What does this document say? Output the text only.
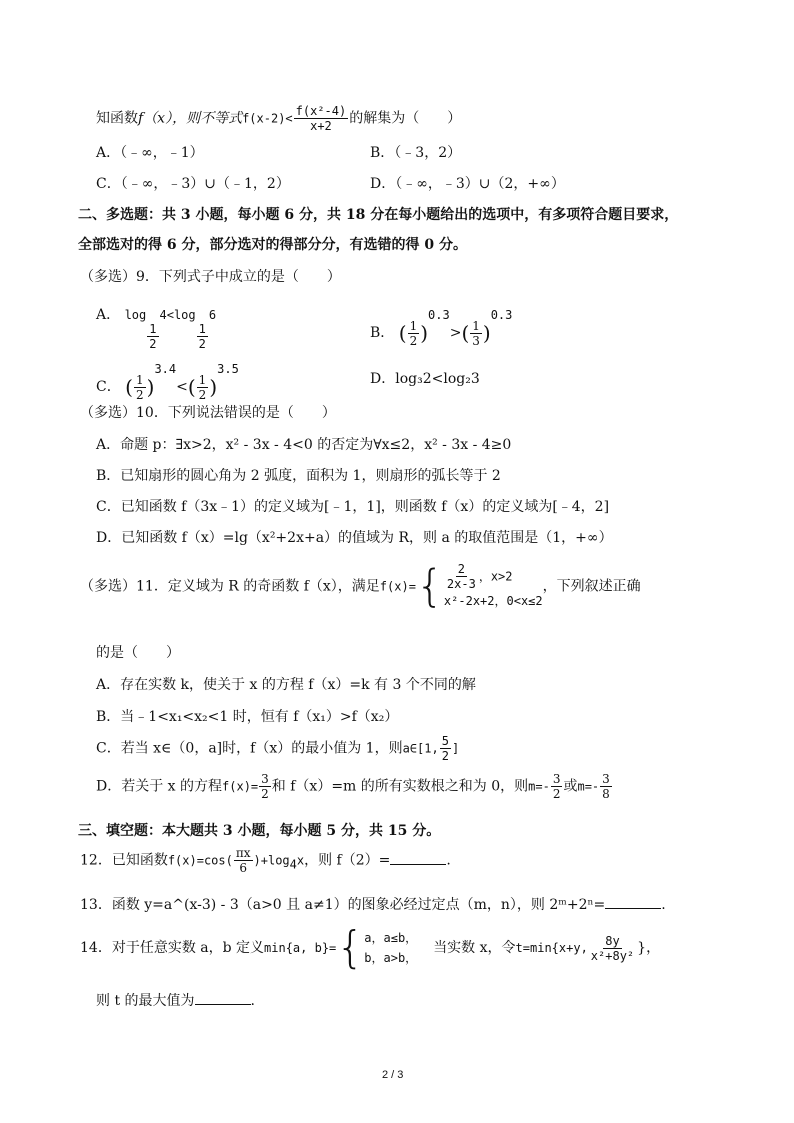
知函数f（x），则不等式$f(x-2)< \frac{\text{f(x²-4)}}{x+2}$ 的解集为（　　）
A．（﹣∞，﹣1）	B．（﹣3，2）
C．（﹣∞，﹣3）∪（﹣1，2）	D．（﹣∞，﹣3）∪（2，+∞）
二、多选题：共 3 小题，每小题 6 分，共 18 分在每小题给出的选项中，有多项符合题目要求，
全部选对的得 6 分，部分选对的得部分分，有选错的得 0 分。
（多选）9．下列式子中成立的是（　　）
A． log
$\frac{1}{2}$
4<log
$\frac{1}{2}$
6
B． ( $\frac{1}{2} )^{0.3}>( \frac{1}{3} )^{0.3}$
C． ( $\frac{1}{2} )^{3.4}<( \frac{1}{2} )^{3.5}$
D．log₃2<log₂3
（多选）10．下列说法错误的是（　　）
A．命题 p：∃x>2，x² - 3x - 4<0 的否定为∀x≤2，x² - 3x - 4≥0
B．已知扇形的圆心角为 2 弧度，面积为 1，则扇形的弧长等于 2
C．已知函数 f（3x﹣1）的定义域为[﹣1，1]，则函数 f（x）的定义域为[﹣4，2]
D．已知函数 f（x）=lg（x²+2x+a）的值域为 R，则 a 的取值范围是（1，+∞）
（多选）11．定义域为 R 的奇函数 f（x），满足$f(x)=\{ \frac{2}{2x-3}$ ，x>2
x²-2x+2，0<x≤2
，下列叙述正确
的是（　　）
A．存在实数 k，使关于 x 的方程 f（x）=k 有 3 个不同的解
B．当﹣1<x₁<x₂<1 时，恒有 f（x₁）>f（x₂）
C．若当 x∈（0，a]时，f（x）的最小值为 1，则a∈[1, $\frac{5}{2}$ ]
D．若关于 x 的方程$f(x)= \frac{3}{2}$ 和 f（x）=m 的所有实数根之和为 0，则$m=- \frac{3}{2}$ 或$m=- \frac{3}{8}$
三、填空题：本大题共 3 小题，每小题 5 分，共 15 分。
12．已知函数$f(x)=\cos( \frac{\pi x}{6} )+\log_4x$，则 f（2）=	.
13．函数 y=a^(x-3) - 3（a>0 且 a≠1）的图象必经过定点（m，n），则 2ᵐ+2ⁿ=	.
14．对于任意实数 a，b 定义min{a, b}={ a，a≤b，
b，a>b，
当实数 x，令t=min{x+y, $\frac{8y}{\text{x²+8y²}}$ }，
则 t 的最大值为	.
2 / 3
